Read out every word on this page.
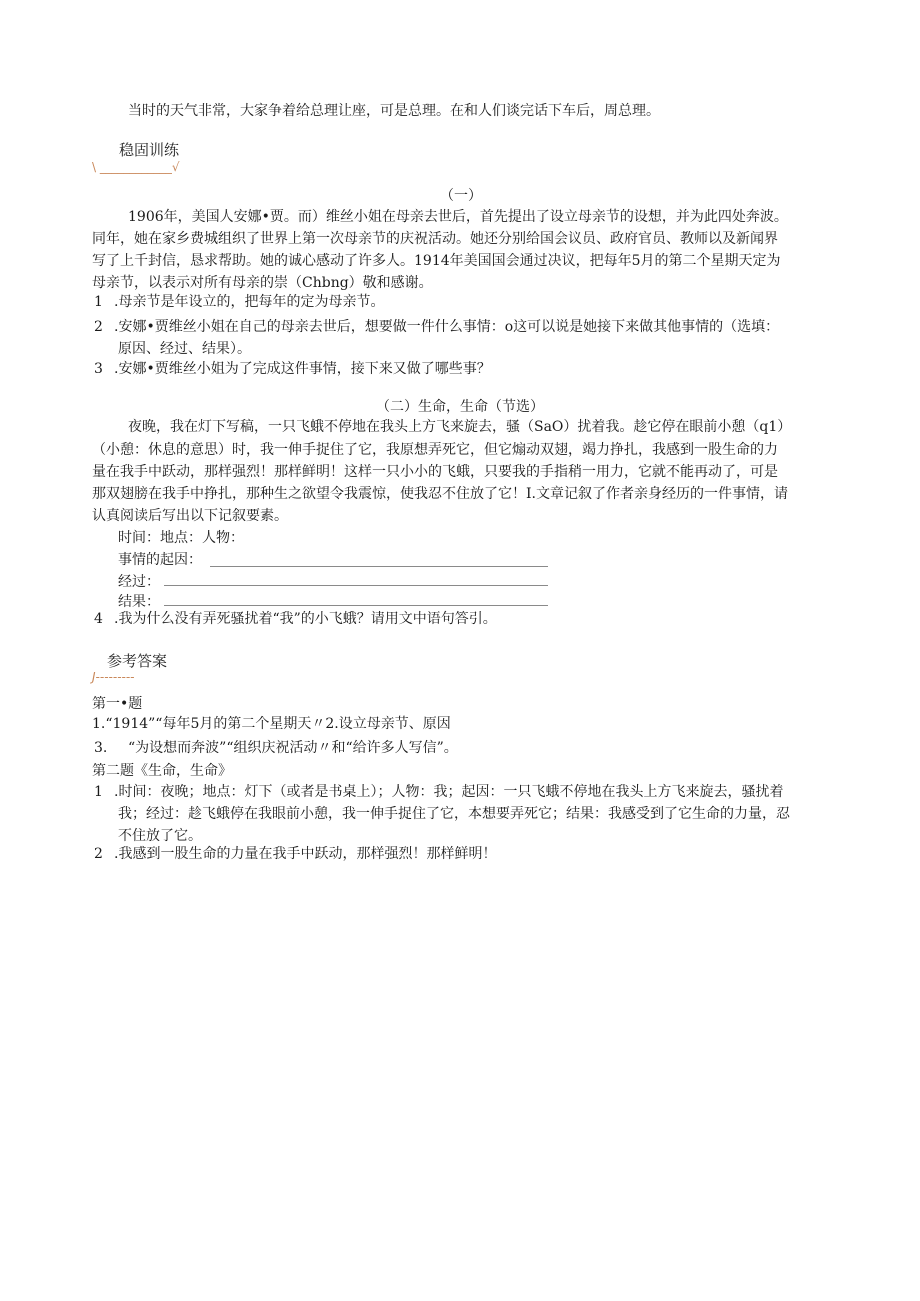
当时的天气非常，大家争着给总理让座，可是总理。在和人们谈完话下车后，周总理。
稳固训练
\ ____________√
（一）
1906年，美国人安娜•贾。而）维丝小姐在母亲去世后，首先提出了设立母亲节的设想，并为此四处奔波。
同年，她在家乡费城组织了世界上第一次母亲节的庆祝活动。她还分别给国会议员、政府官员、教师以及新闻界
写了上千封信，恳求帮助。她的诚心感动了许多人。1914年美国国会通过决议，把每年5月的第二个星期天定为
母亲节，以表示对所有母亲的崇（Chbng）敬和感谢。
1 .母亲节是年设立的，把每年的定为母亲节。
2 .安娜•贾维丝小姐在自己的母亲去世后，想要做一件什么事情：o这可以说是她接下来做其他事情的（选填：
原因、经过、结果）。
3 .安娜•贾维丝小姐为了完成这件事情，接下来又做了哪些事？
（二）生命，生命（节选）
夜晚，我在灯下写稿，一只飞蛾不停地在我头上方飞来旋去，骚（SaO）扰着我。趁它停在眼前小憩（q1）
（小憩：休息的意思）时，我一伸手捉住了它，我原想弄死它，但它煽动双翅，竭力挣扎，我感到一股生命的力
量在我手中跃动，那样强烈！那样鲜明！这样一只小小的飞蛾，只要我的手指稍一用力，它就不能再动了，可是
那双翅膀在我手中挣扎，那种生之欲望令我震惊，使我忍不住放了它！I.文章记叙了作者亲身经历的一件事情，请
认真阅读后写出以下记叙要素。
时间：地点：人物：
事情的起因：
经过：
结果：
4 .我为什么没有弄死骚扰着“我”的小飞蛾？请用文中语句答引。
参考答案
J---------
第一•题
1.“1914”“每年5月的第二个星期天〃2.设立母亲节、原因
3. “为设想而奔波”“组织庆祝活动〃和“给许多人写信”。
第二题《生命，生命》
1 .时间：夜晚；地点：灯下（或者是书桌上）；人物：我；起因：一只飞蛾不停地在我头上方飞来旋去，骚扰着
我；经过：趁飞蛾停在我眼前小憩，我一伸手捉住了它，本想要弄死它；结果：我感受到了它生命的力量，忍
不住放了它。
2 .我感到一股生命的力量在我手中跃动，那样强烈！那样鲜明！
